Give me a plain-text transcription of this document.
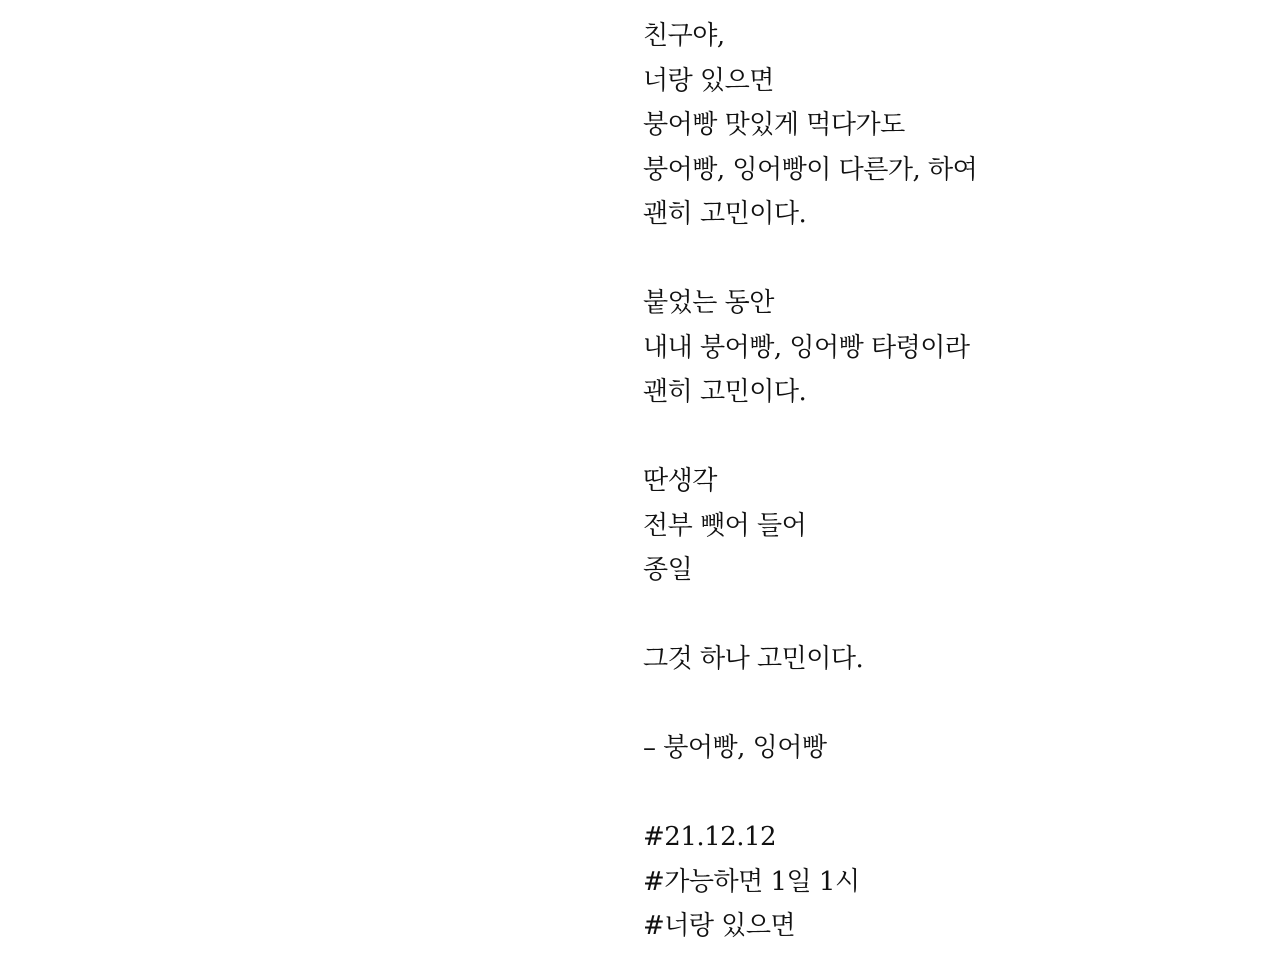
친구야,
너랑 있으면
붕어빵 맛있게 먹다가도
붕어빵, 잉어빵이 다른가, 하여
괜히 고민이다.
붙었는 동안
내내 붕어빵, 잉어빵 타령이라
괜히 고민이다.
딴생각
전부 뺏어 들어
종일
그것 하나 고민이다.
– 붕어빵, 잉어빵
#21.12.12
#가능하면 1일 1시
#너랑 있으면
